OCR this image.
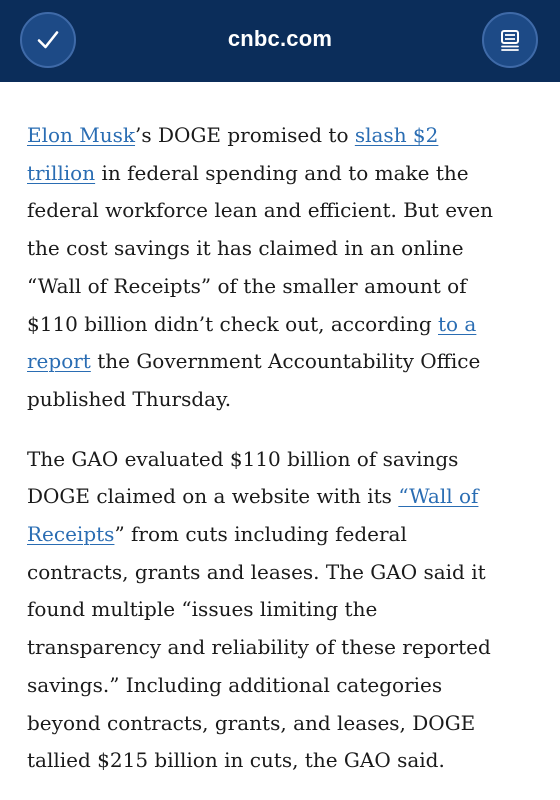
cnbc.com

Elon Musk’s DOGE promised to slash $2
trillion in federal spending and to make the
federal workforce lean and efficient. But even
the cost savings it has claimed in an online
“Wall of Receipts” of the smaller amount of
$110 billion didn’t check out, according to a
report the Government Accountability Office
published Thursday.

The GAO evaluated $110 billion of savings
DOGE claimed on a website with its “Wall of
Receipts” from cuts including federal
contracts, grants and leases. The GAO said it
found multiple “issues limiting the
transparency and reliability of these reported
savings.” Including additional categories
beyond contracts, grants, and leases, DOGE
tallied $215 billion in cuts, the GAO said.
